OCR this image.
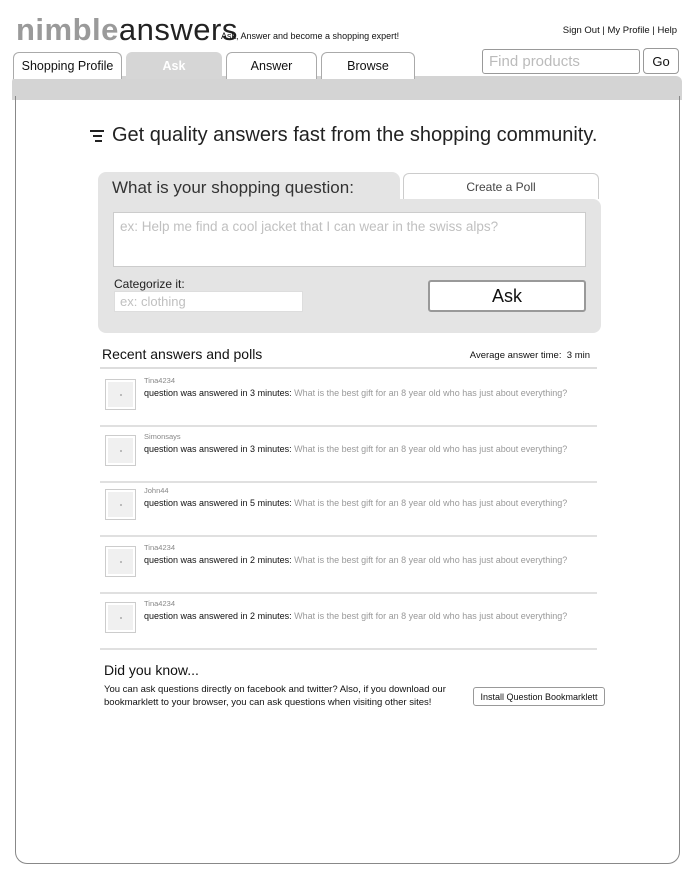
nimbleanswers
Ask, Answer and become a shopping expert!	Sign Out | My Profile | Help
Find products
Go
Shopping Profile	Ask	Answer	Browse
Get quality answers fast from the shopping community.
What is your shopping question:	Create a Poll
ex: Help me find a cool jacket that I can wear in the swiss alps?
Categorize it:
ex: clothing
Ask
Recent answers and polls	Average answer time: 3 min
Tina4234
question was answered in 3 minutes: What is the best gift for an 8 year old who has just about everything?
Simonsays
question was answered in 3 minutes: What is the best gift for an 8 year old who has just about everything?
John44
question was answered in 5 minutes: What is the best gift for an 8 year old who has just about everything?
Tina4234
question was answered in 2 minutes: What is the best gift for an 8 year old who has just about everything?
Tina4234
question was answered in 2 minutes: What is the best gift for an 8 year old who has just about everything?
Did you know...
You can ask questions directly on facebook and twitter? Also, if you download our bookmarklett to your browser, you can ask questions when visiting other sites!
Install Question Bookmarklett
